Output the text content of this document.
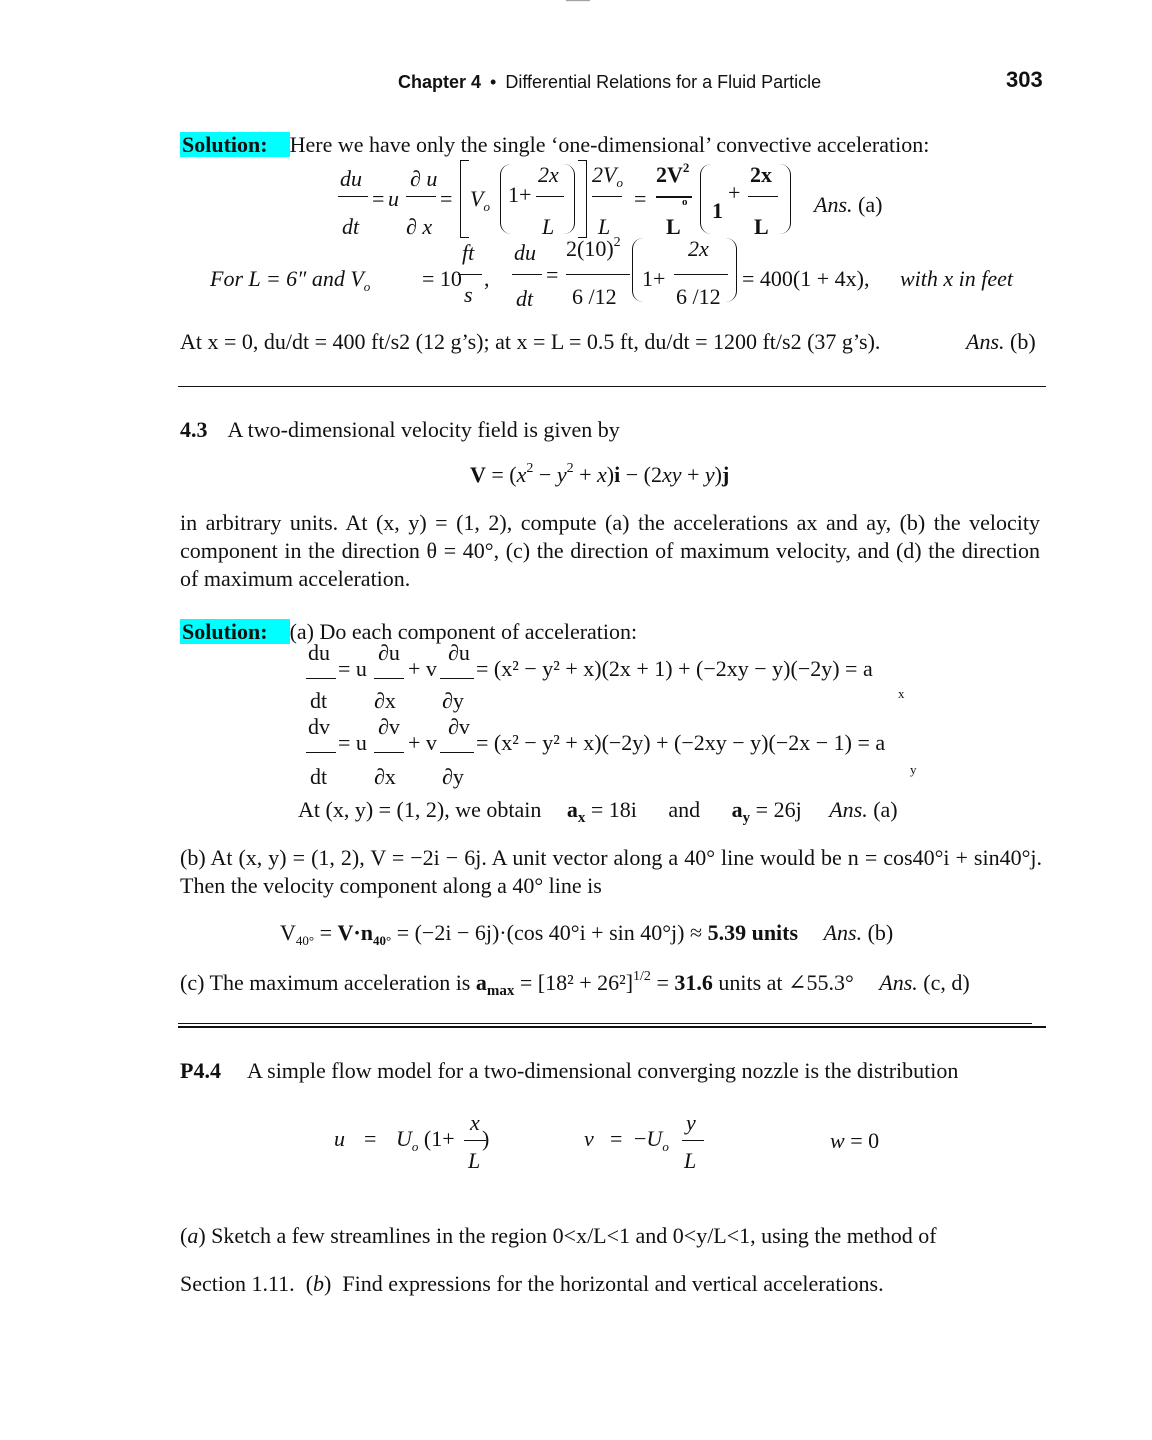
———
Chapter 4 • Differential Relations for a Fluid Particle	303
Solution: Here we have only the single ‘one-dimensional’ convective acceleration:
du
dt
= u
∂ u
∂ x
= $V_o$ 1+
2x
L
$2V_o$
L
=
$2V^2$
o
L
1
+
2x
L
Ans. (a)
For L = 6″ and $V_o = 10$
ft
s
,
du
dt
=
$2(10)^2$
6 /12
1+
2x
6 /12
= 400(1 + 4x), with x in feet
At x = 0, du/dt = 400 ft/s2 (12 g’s); at x = L = 0.5 ft, du/dt = 1200 ft/s2 (37 g’s).	Ans. (b)
4.3 A two-dimensional velocity field is given by
$V = (x^2 - y^2 + x)i - (2xy + y)j$
in arbitrary units. At (x, y) = (1, 2), compute (a) the accelerations ax and ay, (b) the velocity component in the direction θ = 40°, (c) the direction of maximum velocity, and (d) the direction of maximum acceleration.
Solution: (a) Do each component of acceleration:
du
dt
= u
∂u
∂x
+ v
∂u
∂y
= (x² − y² + x)(2x + 1) + (−2xy − y)(−2y) = a
x
dv
dt
= u
∂v
∂x
+ v
∂v
∂y
= (x² − y² + x)(−2y) + (−2xy − y)(−2x − 1) = a
y
At (x, y) = (1, 2), we obtain $a_x = 18i$ and $a_y = 26j$ Ans. (a)
(b) At (x, y) = (1, 2), V = −2i − 6j. A unit vector along a 40° line would be n = cos40°i + sin40°j. Then the velocity component along a 40° line is
$V_{40^\circ} = V\cdot n_{40^\circ} = (-2i - 6j)\cdot(\cos$ 40°i + sin 40°j) ≈ 5.39 units Ans. (b)
(c) The maximum acceleration is $a_{max} = [18^2 + 26^2]^{1/2} = 31.6$ units at ∠55.3° Ans. (c, d)
P4.4 A simple flow model for a two-dimensional converging nozzle is the distribution
$u = U_o$ (1+
x
L
)	$v = -U_o$
y
L
w = 0
(a) Sketch a few streamlines in the region 0<x/L<1 and 0<y/L<1, using the method of
Section 1.11.  (b)  Find expressions for the horizontal and vertical accelerations.
